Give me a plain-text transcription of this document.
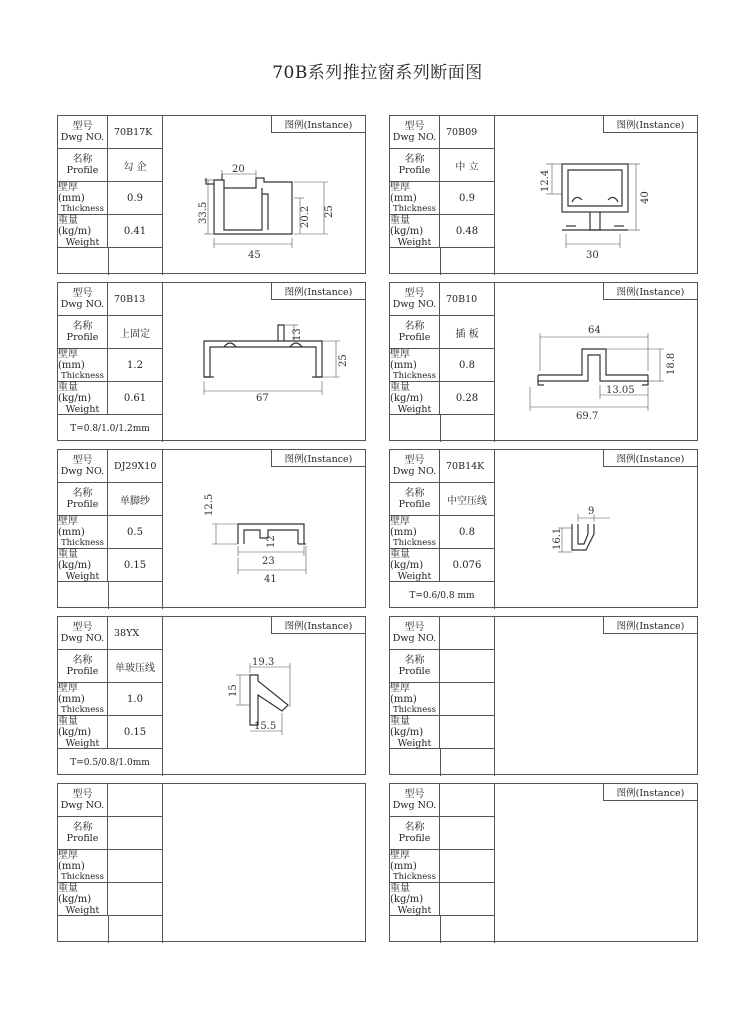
70B系列推拉窗系列断面图
型号
Dwg NO.	70B17K
名称
Profile	勾 企
壁厚 (mm)
Thickness
0.9
重量 (kg/m)
Weight
0.41
图例(Instance)
20
33.5	20.2 25
45
型号
Dwg NO.	70B09
名称
Profile	中 立
壁厚 (mm)
Thickness
0.9
重量 (kg/m)
Weight
0.48
图例(Instance)
12.4
40
30
型号
Dwg NO.	70B13
名称
Profile	上固定
壁厚 (mm)
Thickness
1.2
重量 (kg/m)
Weight
0.61
T=0.8/1.0/1.2mm
图例(Instance)
13
25
67
型号
Dwg NO.	70B10
名称
Profile	插 板
壁厚 (mm)
Thickness
0.8
重量 (kg/m)
Weight
0.28
图例(Instance)
64
18.8
13.05
69.7
型号
Dwg NO.	DJ29X10
名称
Profile	单脚纱
壁厚 (mm)
Thickness
0.5
重量 (kg/m)
Weight
0.15
图例(Instance)
12.5
12
23
41
型号
Dwg NO.	70B14K
名称
Profile	中空压线
壁厚 (mm)
Thickness
0.8
重量 (kg/m)
Weight
0.076
T=0.6/0.8 mm
图例(Instance)
9
16.1
型号
Dwg NO.	38YX
名称
Profile	单玻压线
壁厚 (mm)
Thickness
1.0
重量 (kg/m)
Weight
0.15
T=0.5/0.8/1.0mm
图例(Instance)
19.3
15
15.5
型号
Dwg NO.
名称
Profile
壁厚 (mm)
Thickness
重量 (kg/m)
Weight
图例(Instance)
型号
Dwg NO.
名称
Profile
壁厚 (mm)
Thickness
重量 (kg/m)
Weight
型号
Dwg NO.
名称
Profile
壁厚 (mm)
Thickness
重量 (kg/m)
Weight
图例(Instance)
